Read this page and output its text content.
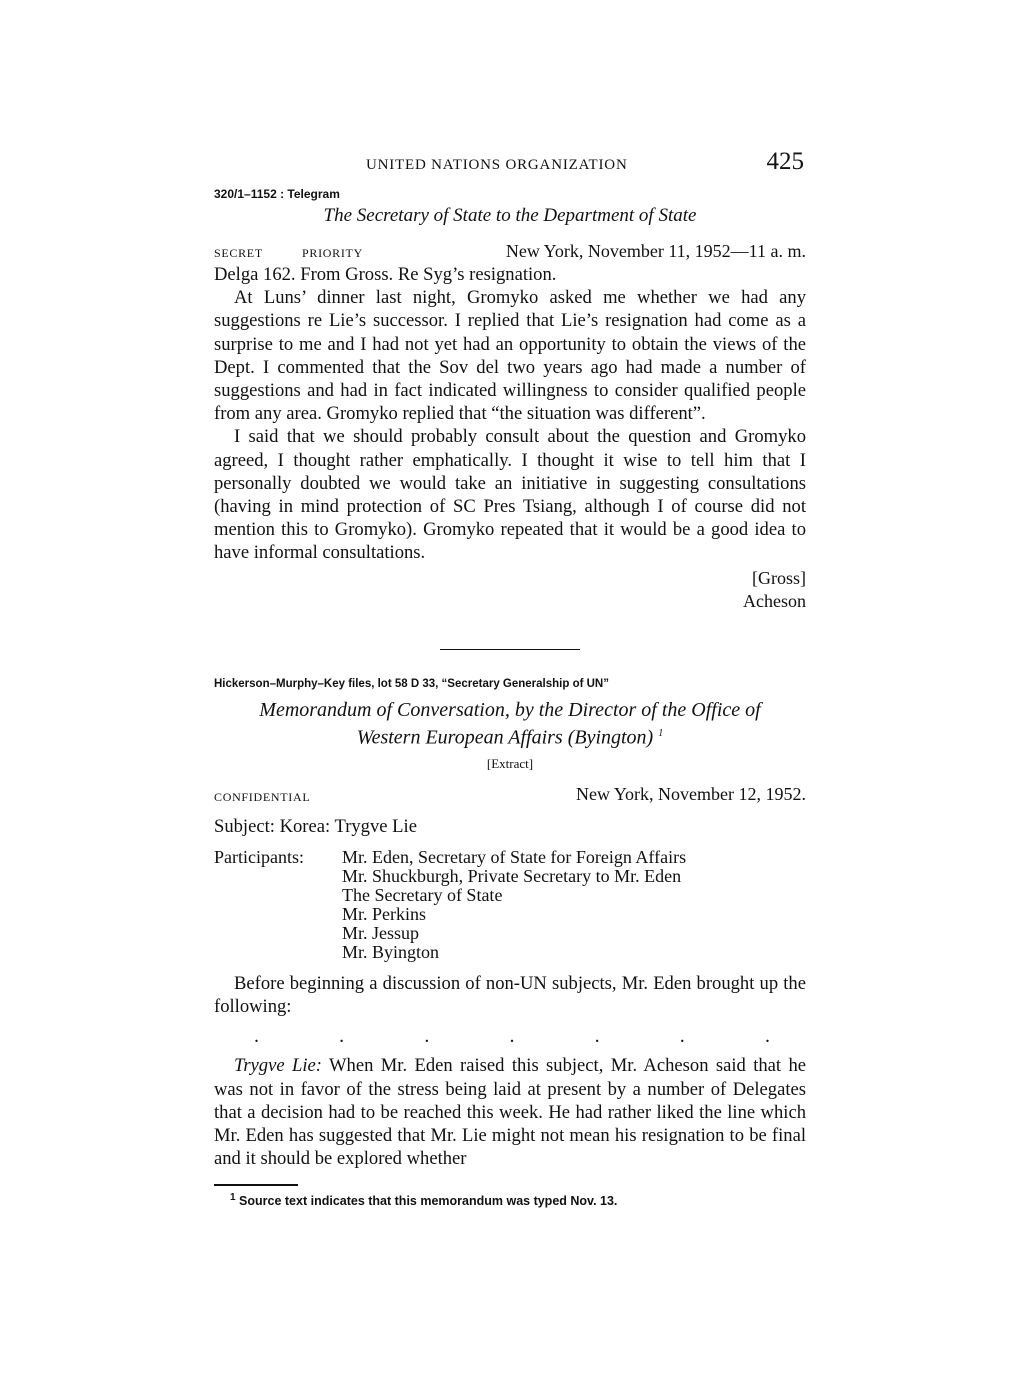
UNITED NATIONS ORGANIZATION	425
320/1–1152 : Telegram
The Secretary of State to the Department of State
SECRET	PRIORITY	New York, November 11, 1952—11 a. m.

Delga 162. From Gross. Re Syg’s resignation.

At Luns’ dinner last night, Gromyko asked me whether we had any suggestions re Lie’s successor. I replied that Lie’s resignation had come as a surprise to me and I had not yet had an opportunity to obtain the views of the Dept. I commented that the Sov del two years ago had made a number of suggestions and had in fact indicated willingness to consider qualified people from any area. Gromyko replied that “the situation was different”.

I said that we should probably consult about the question and Gromyko agreed, I thought rather emphatically. I thought it wise to tell him that I personally doubted we would take an initiative in suggesting consultations (having in mind protection of SC Pres Tsiang, although I of course did not mention this to Gromyko). Gromyko repeated that it would be a good idea to have informal consultations.

[Gross]
Acheson
Hickerson–Murphy–Key files, lot 58 D 33, “Secretary Generalship of UN”
Memorandum of Conversation, by the Director of the Office of
Western European Affairs (Byington) $^1$
[Extract]
CONFIDENTIAL	New York, November 12, 1952.
Subject: Korea: Trygve Lie
Participants:	Mr. Eden, Secretary of State for Foreign Affairs
Mr. Shuckburgh, Private Secretary to Mr. Eden
The Secretary of State
Mr. Perkins
Mr. Jessup
Mr. Byington

Before beginning a discussion of non-UN subjects, Mr. Eden brought up the following:

.	.	.	.	.	.	.

Trygve Lie: When Mr. Eden raised this subject, Mr. Acheson said that he was not in favor of the stress being laid at present by a number of Delegates that a decision had to be reached this week. He had rather liked the line which Mr. Eden has suggested that Mr. Lie might not mean his resignation to be final and it should be explored whether

$^1$ Source text indicates that this memorandum was typed Nov. 13.
